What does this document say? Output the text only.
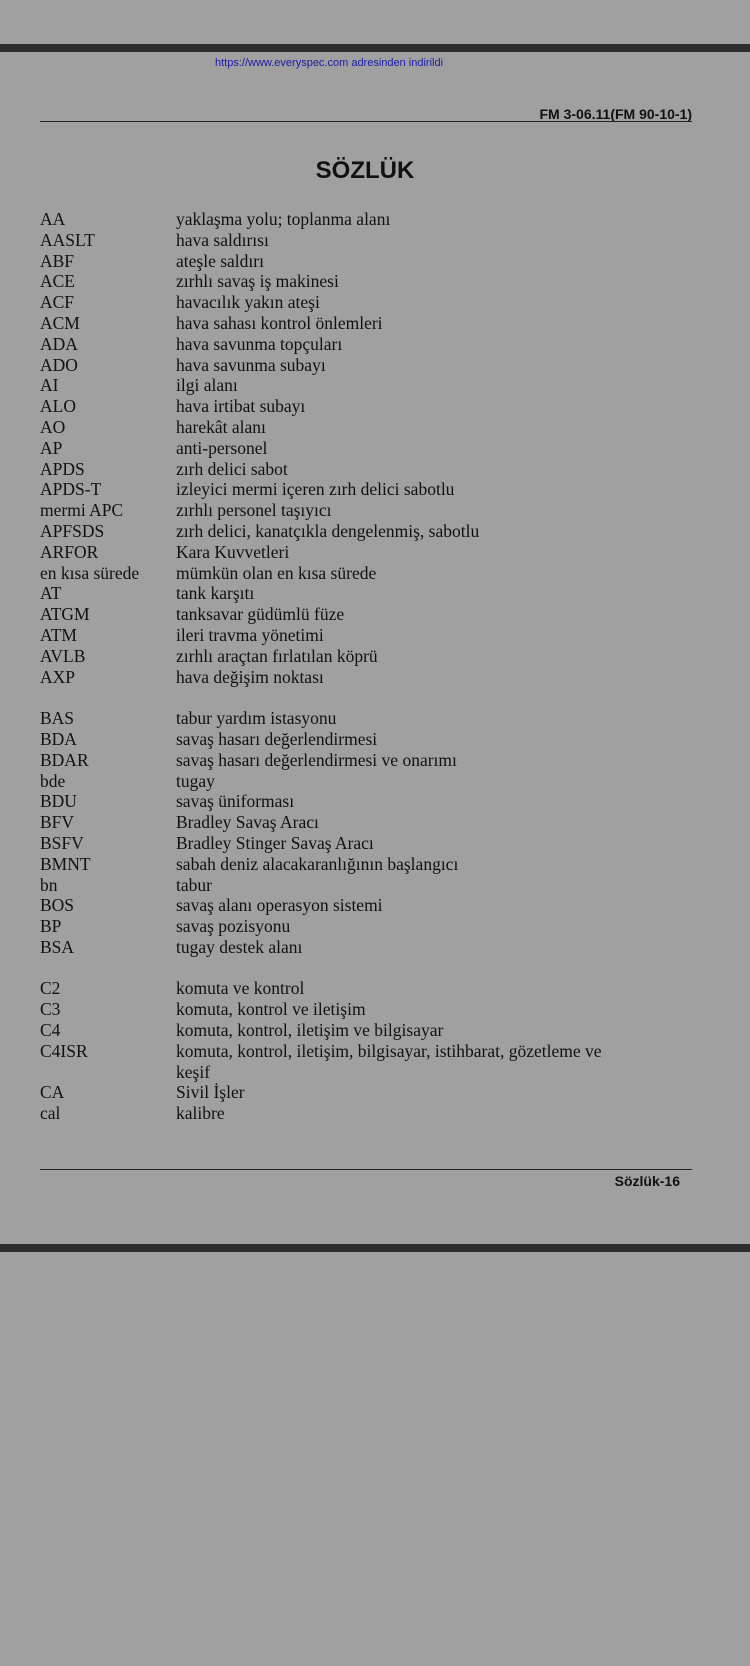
https://www.everyspec.com adresinden indirildi
FM 3-06.11(FM 90-10-1)
SÖZLÜK
AA	yaklaşma yolu; toplanma alanı
AASLT	hava saldırısı
ABF	ateşle saldırı
ACE	zırhlı savaş iş makinesi
ACF	havacılık yakın ateşi
ACM	hava sahası kontrol önlemleri
ADA	hava savunma topçuları
ADO	hava savunma subayı
AI	ilgi alanı
ALO	hava irtibat subayı
AO	harekât alanı
AP	anti-personel
APDS	zırh delici sabot
APDS-T	izleyici mermi içeren zırh delici sabotlu
mermi APC	zırhlı personel taşıyıcı
APFSDS	zırh delici, kanatçıkla dengelenmiş, sabotlu
ARFOR	Kara Kuvvetleri
en kısa sürede	mümkün olan en kısa sürede
AT	tank karşıtı
ATGM	tanksavar güdümlü füze
ATM	ileri travma yönetimi
AVLB	zırhlı araçtan fırlatılan köprü
AXP	hava değişim noktası
BAS	tabur yardım istasyonu
BDA	savaş hasarı değerlendirmesi
BDAR	savaş hasarı değerlendirmesi ve onarımı
bde	tugay
BDU	savaş üniforması
BFV	Bradley Savaş Aracı
BSFV	Bradley Stinger Savaş Aracı
BMNT	sabah deniz alacakaranlığının başlangıcı
bn	tabur
BOS	savaş alanı operasyon sistemi
BP	savaş pozisyonu
BSA	tugay destek alanı
C2	komuta ve kontrol
C3	komuta, kontrol ve iletişim
C4	komuta, kontrol, iletişim ve bilgisayar
C4ISR	komuta, kontrol, iletişim, bilgisayar, istihbarat, gözetleme ve keşif
CA	Sivil İşler
cal	kalibre
Sözlük-16
